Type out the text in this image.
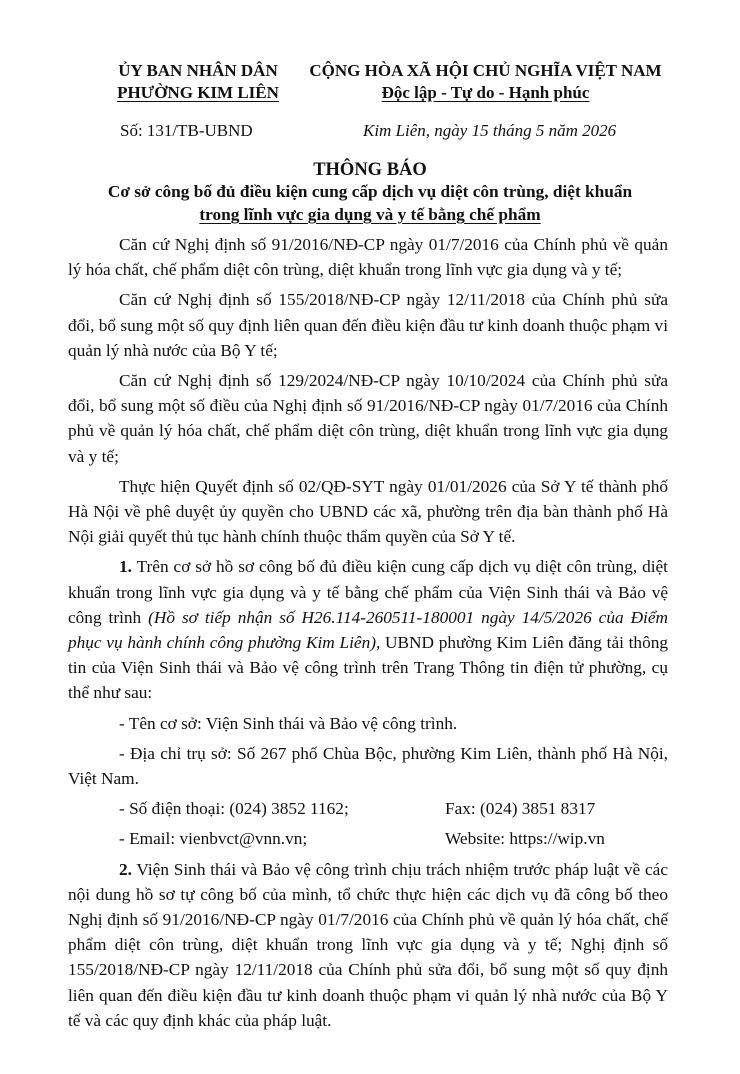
ỦY BAN NHÂN DÂN
PHƯỜNG KIM LIÊN
CỘNG HÒA XÃ HỘI CHỦ NGHĨA VIỆT NAM
Độc lập - Tự do - Hạnh phúc
Số: 131/TB-UBND	Kim Liên, ngày 15 tháng 5 năm 2026
THÔNG BÁO
Cơ sở công bố đủ điều kiện cung cấp dịch vụ diệt côn trùng, diệt khuẩn
trong lĩnh vực gia dụng và y tế bằng chế phẩm

Căn cứ Nghị định số 91/2016/NĐ-CP ngày 01/7/2016 của Chính phủ về quản lý hóa chất, chế phẩm diệt côn trùng, diệt khuẩn trong lĩnh vực gia dụng và y tế;

Căn cứ Nghị định số 155/2018/NĐ-CP ngày 12/11/2018 của Chính phủ sửa đổi, bổ sung một số quy định liên quan đến điều kiện đầu tư kinh doanh thuộc phạm vi quản lý nhà nước của Bộ Y tế;

Căn cứ Nghị định số 129/2024/NĐ-CP ngày 10/10/2024 của Chính phủ sửa đổi, bổ sung một số điều của Nghị định số 91/2016/NĐ-CP ngày 01/7/2016 của Chính phủ về quản lý hóa chất, chế phẩm diệt côn trùng, diệt khuẩn trong lĩnh vực gia dụng và y tế;

Thực hiện Quyết định số 02/QĐ-SYT ngày 01/01/2026 của Sở Y tế thành phố Hà Nội về phê duyệt ủy quyền cho UBND các xã, phường trên địa bàn thành phố Hà Nội giải quyết thủ tục hành chính thuộc thẩm quyền của Sở Y tế.

1. Trên cơ sở hồ sơ công bố đủ điều kiện cung cấp dịch vụ diệt côn trùng, diệt khuẩn trong lĩnh vực gia dụng và y tế bằng chế phẩm của Viện Sinh thái và Bảo vệ công trình (Hồ sơ tiếp nhận số H26.114-260511-180001 ngày 14/5/2026 của Điểm phục vụ hành chính công phường Kim Liên), UBND phường Kim Liên đăng tải thông tin của Viện Sinh thái và Bảo vệ công trình trên Trang Thông tin điện tử phường, cụ thể như sau:

- Tên cơ sở: Viện Sinh thái và Bảo vệ công trình.

- Địa chỉ trụ sở: Số 267 phố Chùa Bộc, phường Kim Liên, thành phố Hà Nội, Việt Nam.

- Số điện thoại: (024) 3852 1162;	Fax: (024) 3851 8317

- Email: vienbvct@vnn.vn;	Website: https://wip.vn

2. Viện Sinh thái và Bảo vệ công trình chịu trách nhiệm trước pháp luật về các nội dung hồ sơ tự công bố của mình, tổ chức thực hiện các dịch vụ đã công bố theo Nghị định số 91/2016/NĐ-CP ngày 01/7/2016 của Chính phủ về quản lý hóa chất, chế phẩm diệt côn trùng, diệt khuẩn trong lĩnh vực gia dụng và y tế; Nghị định số 155/2018/NĐ-CP ngày 12/11/2018 của Chính phủ sửa đổi, bổ sung một số quy định liên quan đến điều kiện đầu tư kinh doanh thuộc phạm vi quản lý nhà nước của Bộ Y tế và các quy định khác của pháp luật.
